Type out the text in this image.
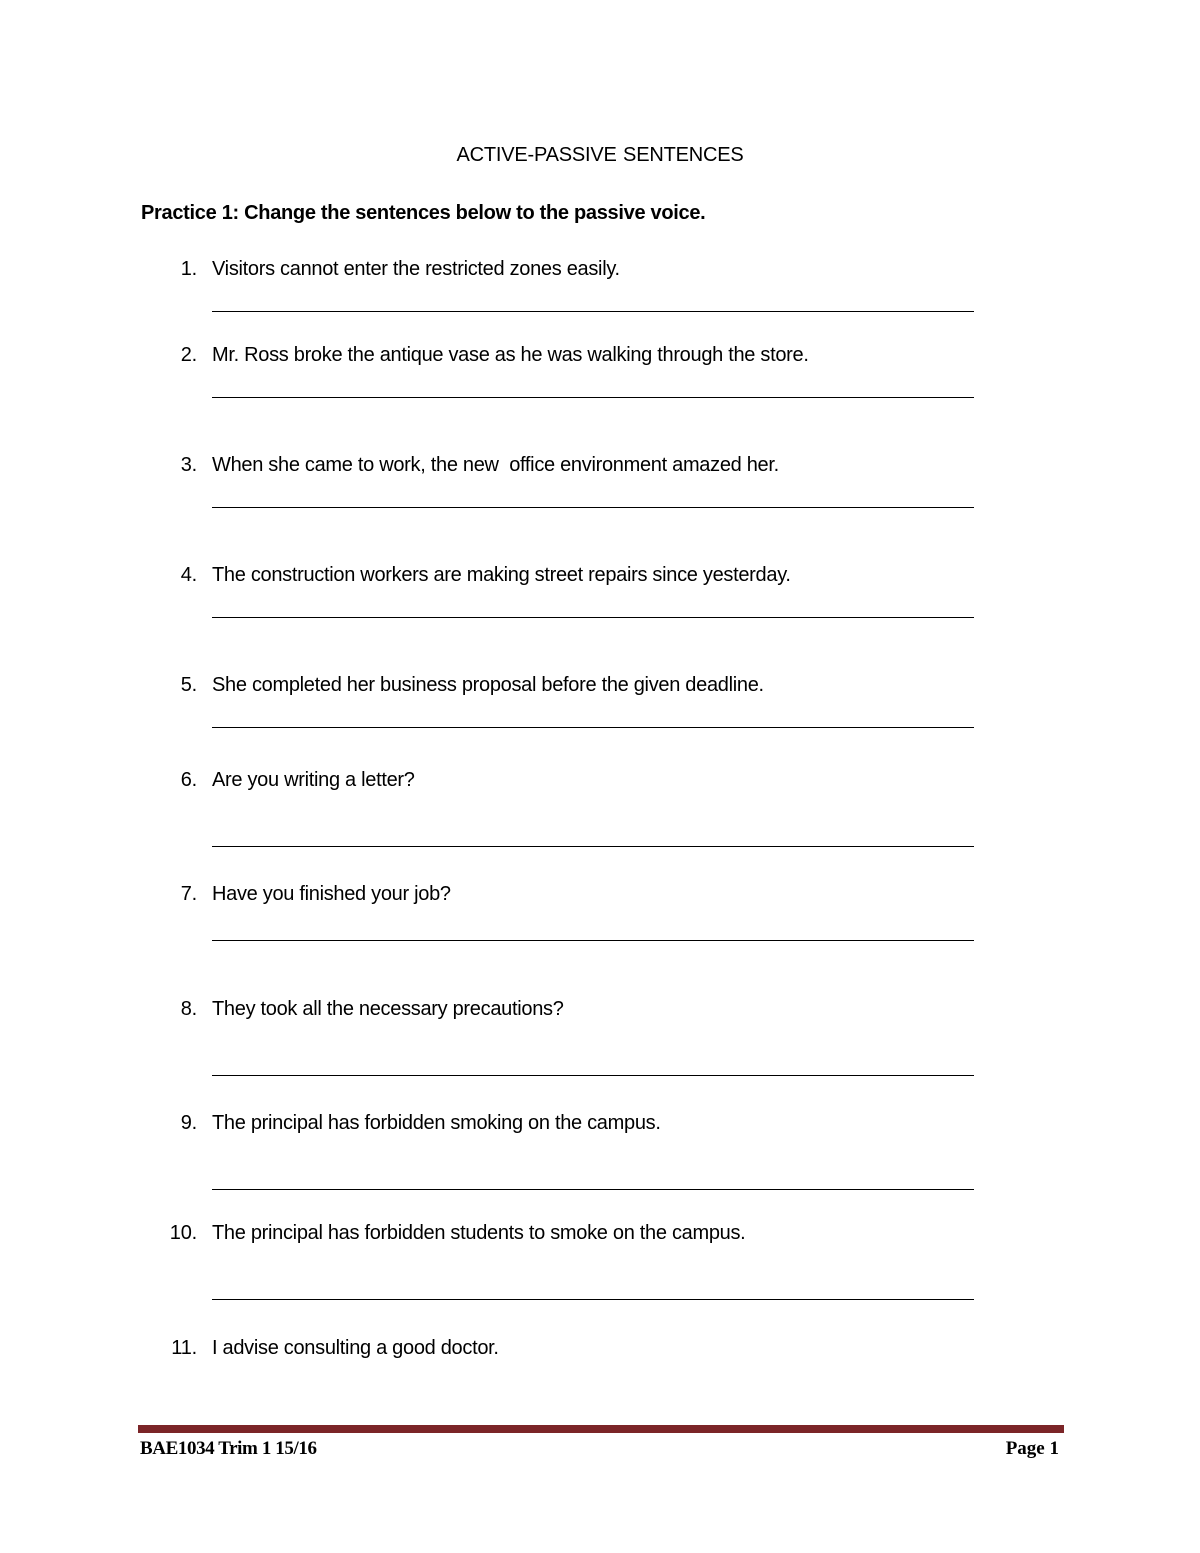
ACTIVE-PASSIVE SENTENCES
Practice 1: Change the sentences below to the passive voice.
1. Visitors cannot enter the restricted zones easily.
2. Mr. Ross broke the antique vase as he was walking through the store.
3. When she came to work, the new  office environment amazed her.
4. The construction workers are making street repairs since yesterday.
5. She completed her business proposal before the given deadline.
6. Are you writing a letter?
7. Have you finished your job?
8. They took all the necessary precautions?
9. The principal has forbidden smoking on the campus.
10. The principal has forbidden students to smoke on the campus.
11. I advise consulting a good doctor.
BAE1034 Trim 1 15/16	Page 1
